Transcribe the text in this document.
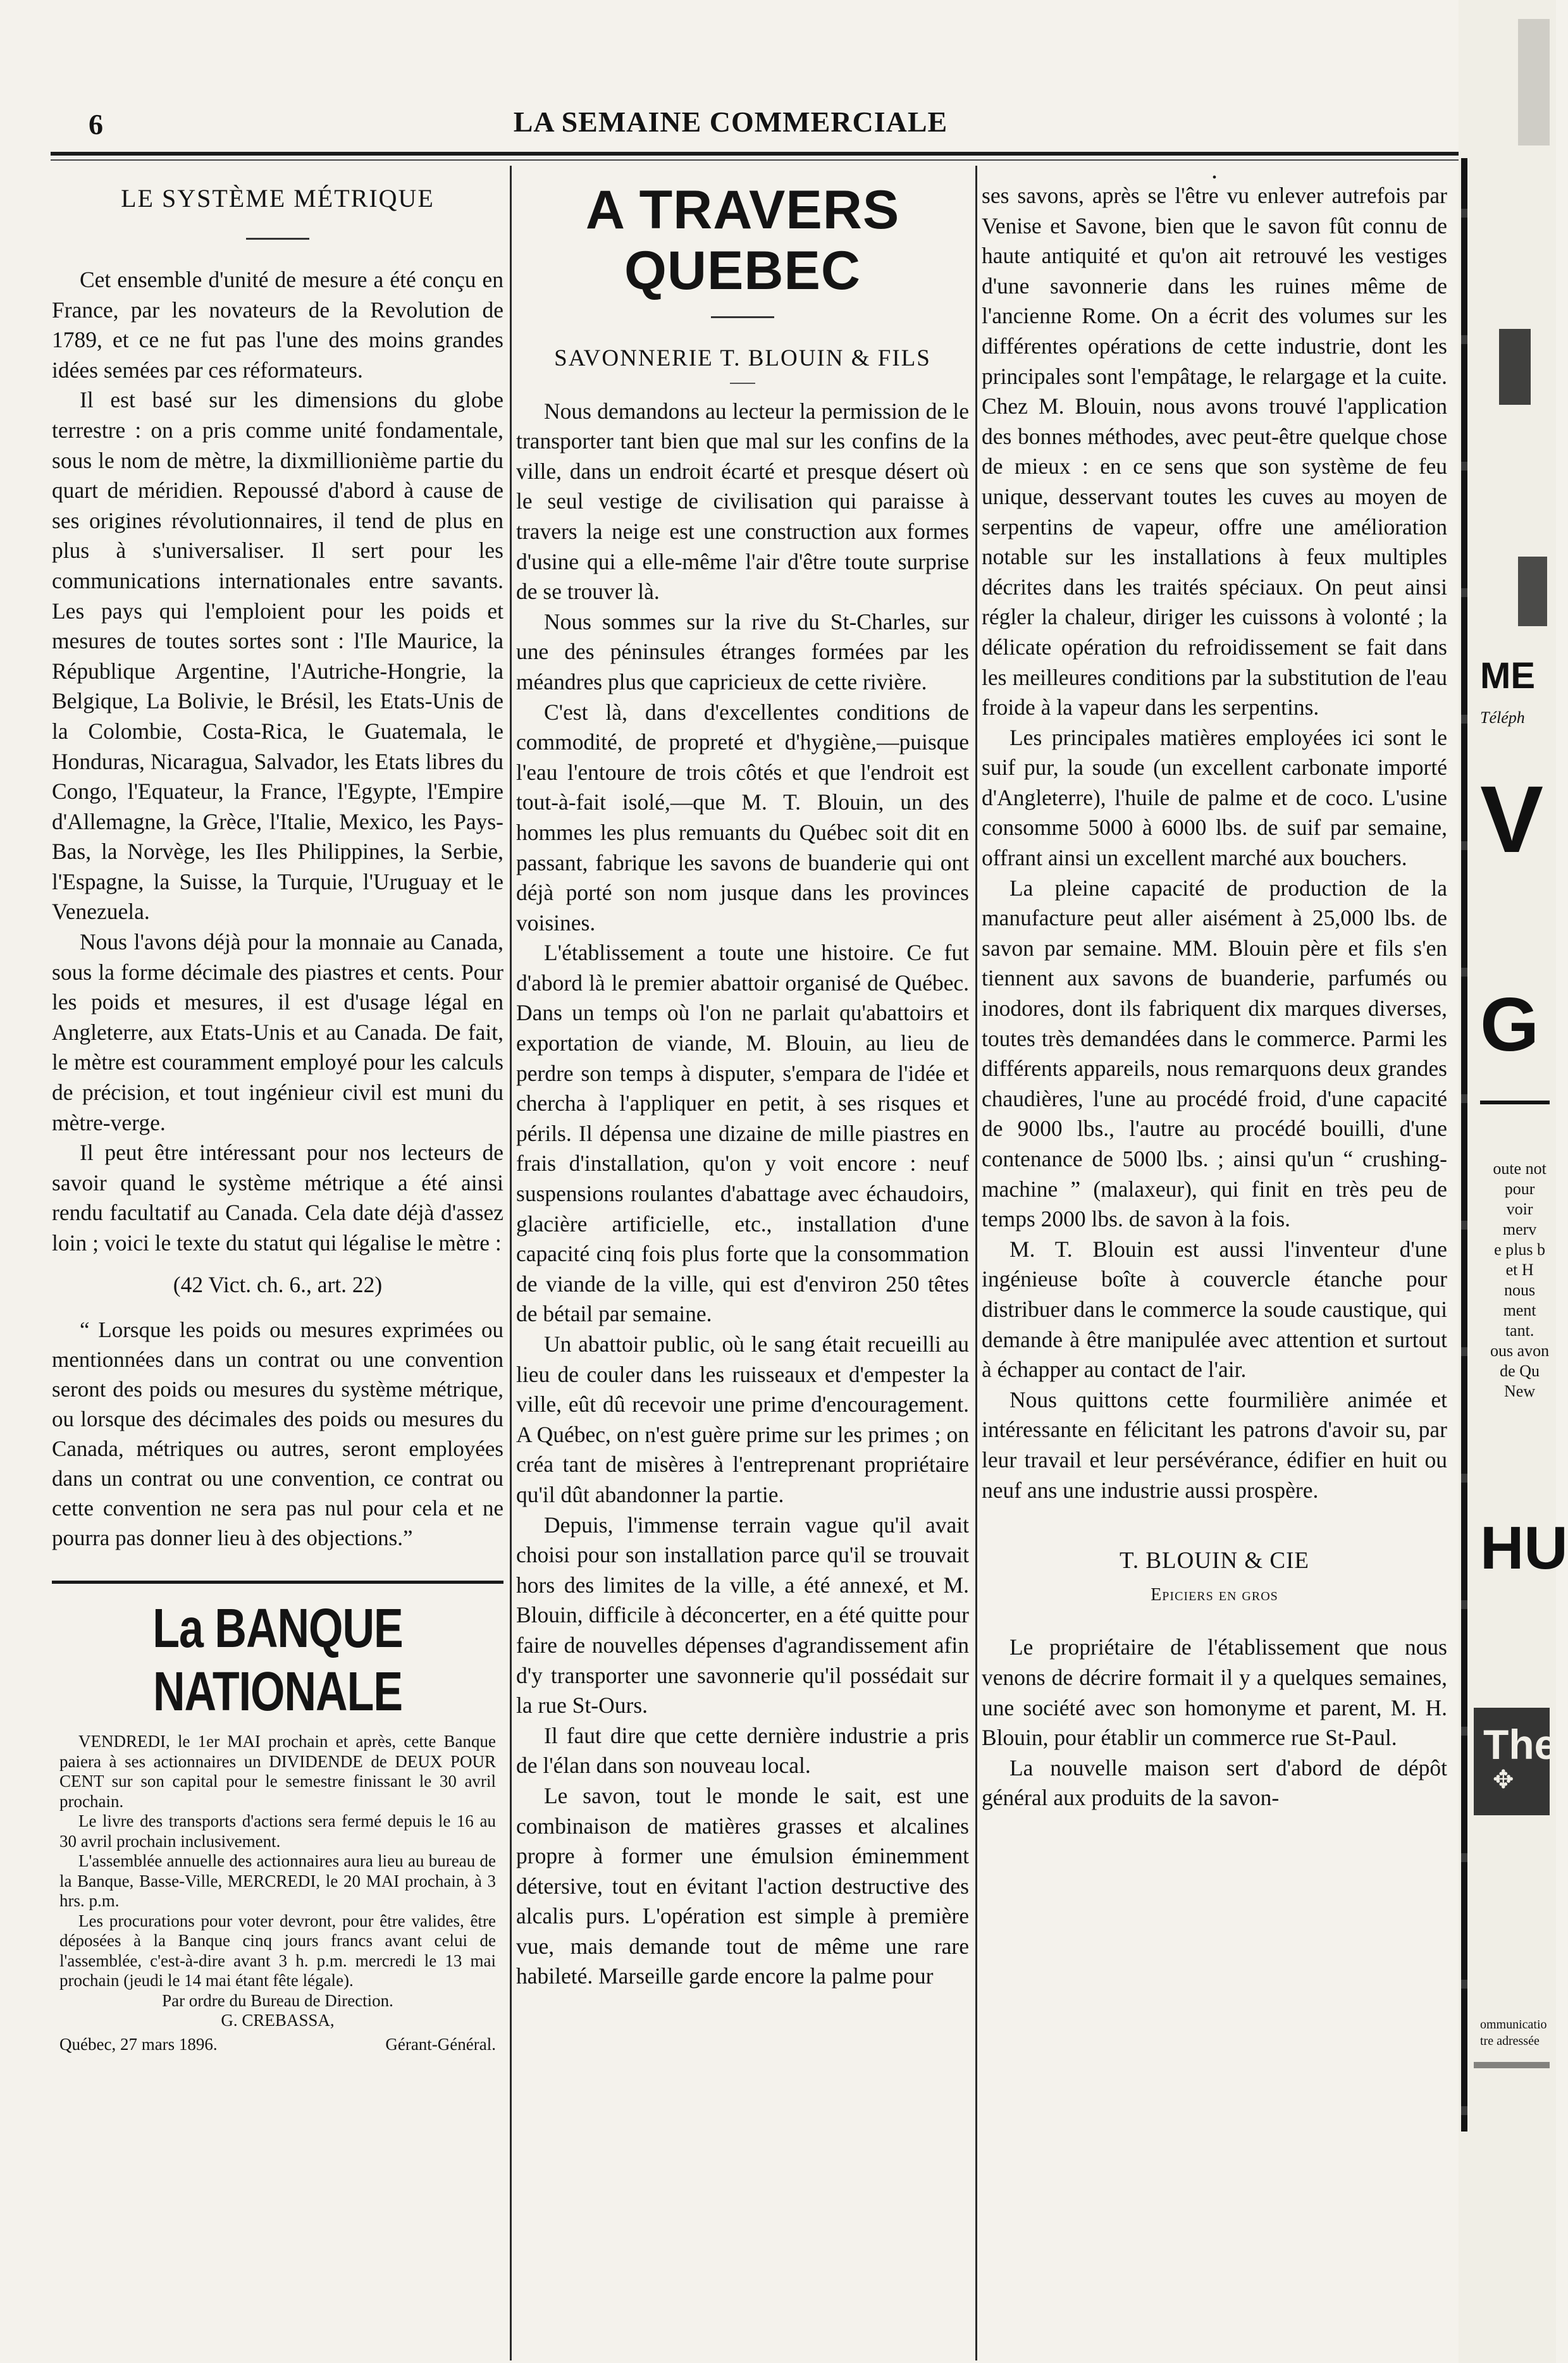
6	LA SEMAINE COMMERCIALE
LE SYSTÈME MÉTRIQUE

Cet ensemble d'unité de mesure a été conçu en France, par les novateurs de la Revolution de 1789, et ce ne fut pas l'une des moins grandes idées semées par ces réformateurs.

Il est basé sur les dimensions du globe terrestre : on a pris comme unité fondamentale, sous le nom de mètre, la dixmillionième partie du quart de méridien. Repoussé d'abord à cause de ses origines révolutionnaires, il tend de plus en plus à s'universaliser. Il sert pour les communications internationales entre savants. Les pays qui l'emploient pour les poids et mesures de toutes sortes sont : l'Ile Maurice, la République Argentine, l'Autriche-Hongrie, la Belgique, La Bolivie, le Brésil, les Etats-Unis de la Colombie, Costa-Rica, le Guatemala, le Honduras, Nicaragua, Salvador, les Etats libres du Congo, l'Equateur, la France, l'Egypte, l'Empire d'Allemagne, la Grèce, l'Italie, Mexico, les Pays-Bas, la Norvège, les Iles Philippines, la Serbie, l'Espagne, la Suisse, la Turquie, l'Uruguay et le Venezuela.

Nous l'avons déjà pour la monnaie au Canada, sous la forme décimale des piastres et cents. Pour les poids et mesures, il est d'usage légal en Angleterre, aux Etats-Unis et au Canada. De fait, le mètre est couramment employé pour les calculs de précision, et tout ingénieur civil est muni du mètre-verge.

Il peut être intéressant pour nos lecteurs de savoir quand le système métrique a été ainsi rendu facultatif au Canada. Cela date déjà d'assez loin ; voici le texte du statut qui légalise le mètre :

(42 Vict. ch. 6., art. 22)

“ Lorsque les poids ou mesures exprimées ou mentionnées dans un contrat ou une convention seront des poids ou mesures du système métrique, ou lorsque des décimales des poids ou mesures du Canada, métriques ou autres, seront employées dans un contrat ou une convention, ce contrat ou cette convention ne sera pas nul pour cela et ne pourra pas donner lieu à des objections.”

La BANQUE NATIONALE

VENDREDI, le 1er MAI prochain et après, cette Banque paiera à ses actionnaires un DIVIDENDE de DEUX POUR CENT sur son capital pour le semestre finissant le 30 avril prochain.

Le livre des transports d'actions sera fermé depuis le 16 au 30 avril prochain inclusivement.

L'assemblée annuelle des actionnaires aura lieu au bureau de la Banque, Basse-Ville, MERCREDI, le 20 MAI prochain, à 3 hrs. p.m.

Les procurations pour voter devront, pour être valides, être déposées à la Banque cinq jours francs avant celui de l'assemblée, c'est-à-dire avant 3 h. p.m. mercredi le 13 mai prochain (jeudi le 14 mai étant fête légale).

Par ordre du Bureau de Direction.

G. CREBASSA,

Québec, 27 mars 1896.	Gérant-Général.
A TRAVERS QUEBEC
SAVONNERIE T. BLOUIN & FILS

Nous demandons au lecteur la permission de le transporter tant bien que mal sur les confins de la ville, dans un endroit écarté et presque désert où le seul vestige de civilisation qui paraisse à travers la neige est une construction aux formes d'usine qui a elle-même l'air d'être toute surprise de se trouver là.

Nous sommes sur la rive du St-Charles, sur une des péninsules étranges formées par les méandres plus que capricieux de cette rivière.

C'est là, dans d'excellentes conditions de commodité, de propreté et d'hygiène,—puisque l'eau l'entoure de trois côtés et que l'endroit est tout-à-fait isolé,—que M. T. Blouin, un des hommes les plus remuants du Québec soit dit en passant, fabrique les savons de buanderie qui ont déjà porté son nom jusque dans les provinces voisines.

L'établissement a toute une histoire. Ce fut d'abord là le premier abattoir organisé de Québec. Dans un temps où l'on ne parlait qu'abattoirs et exportation de viande, M. Blouin, au lieu de perdre son temps à disputer, s'empara de l'idée et chercha à l'appliquer en petit, à ses risques et périls. Il dépensa une dizaine de mille piastres en frais d'installation, qu'on y voit encore : neuf suspensions roulantes d'abattage avec échaudoirs, glacière artificielle, etc., installation d'une capacité cinq fois plus forte que la consommation de viande de la ville, qui est d'environ 250 têtes de bétail par semaine.

Un abattoir public, où le sang était recueilli au lieu de couler dans les ruisseaux et d'empester la ville, eût dû recevoir une prime d'encouragement. A Québec, on n'est guère prime sur les primes ; on créa tant de misères à l'entreprenant propriétaire qu'il dût abandonner la partie.

Depuis, l'immense terrain vague qu'il avait choisi pour son installation parce qu'il se trouvait hors des limites de la ville, a été annexé, et M. Blouin, difficile à déconcerter, en a été quitte pour faire de nouvelles dépenses d'agrandissement afin d'y transporter une savonnerie qu'il possédait sur la rue St-Ours.

Il faut dire que cette dernière industrie a pris de l'élan dans son nouveau local.

Le savon, tout le monde le sait, est une combinaison de matières grasses et alcalines propre à former une émulsion éminemment détersive, tout en évitant l'action destructive des alcalis purs. L'opération est simple à première vue, mais demande tout de même une rare habileté. Marseille garde encore la palme pour

•

ses savons, après se l'être vu enlever autrefois par Venise et Savone, bien que le savon fût connu de haute antiquité et qu'on ait retrouvé les vestiges d'une savonnerie dans les ruines même de l'ancienne Rome. On a écrit des volumes sur les différentes opérations de cette industrie, dont les principales sont l'empâtage, le relargage et la cuite. Chez M. Blouin, nous avons trouvé l'application des bonnes méthodes, avec peut-être quelque chose de mieux : en ce sens que son système de feu unique, desservant toutes les cuves au moyen de serpentins de vapeur, offre une amélioration notable sur les installations à feux multiples décrites dans les traités spéciaux. On peut ainsi régler la chaleur, diriger les cuissons à volonté ; la délicate opération du refroidissement se fait dans les meilleures conditions par la substitution de l'eau froide à la vapeur dans les serpentins.

Les principales matières employées ici sont le suif pur, la soude (un excellent carbonate importé d'Angleterre), l'huile de palme et de coco. L'usine consomme 5000 à 6000 lbs. de suif par semaine, offrant ainsi un excellent marché aux bouchers.

La pleine capacité de production de la manufacture peut aller aisément à 25,000 lbs. de savon par semaine. MM. Blouin père et fils s'en tiennent aux savons de buanderie, parfumés ou inodores, dont ils fabriquent dix marques diverses, toutes très demandées dans le commerce. Parmi les différents appareils, nous remarquons deux grandes chaudières, l'une au procédé froid, d'une capacité de 9000 lbs., l'autre au procédé bouilli, d'une contenance de 5000 lbs. ; ainsi qu'un “ crushing-machine ” (malaxeur), qui finit en très peu de temps 2000 lbs. de savon à la fois.

M. T. Blouin est aussi l'inventeur d'une ingénieuse boîte à couvercle étanche pour distribuer dans le commerce la soude caustique, qui demande à être manipulée avec attention et surtout à échapper au contact de l'air.

Nous quittons cette fourmilière animée et intéressante en félicitant les patrons d'avoir su, par leur travail et leur persévérance, édifier en huit ou neuf ans une industrie aussi prospère.

T. BLOUIN & CIE

Epiciers en gros

Le propriétaire de l'établissement que nous venons de décrire formait il y a quelques semaines, une société avec son homonyme et parent, M. H. Blouin, pour établir un commerce rue St-Paul.

La nouvelle maison sert d'abord de dépôt général aux produits de la savon-

ME
Téléph
V
G
oute not
pour
voir
merv
e plus b
et H
nous
ment
tant.
ous avon
de Qu
New
HU
The
✥
ommunicatio
tre adressée
